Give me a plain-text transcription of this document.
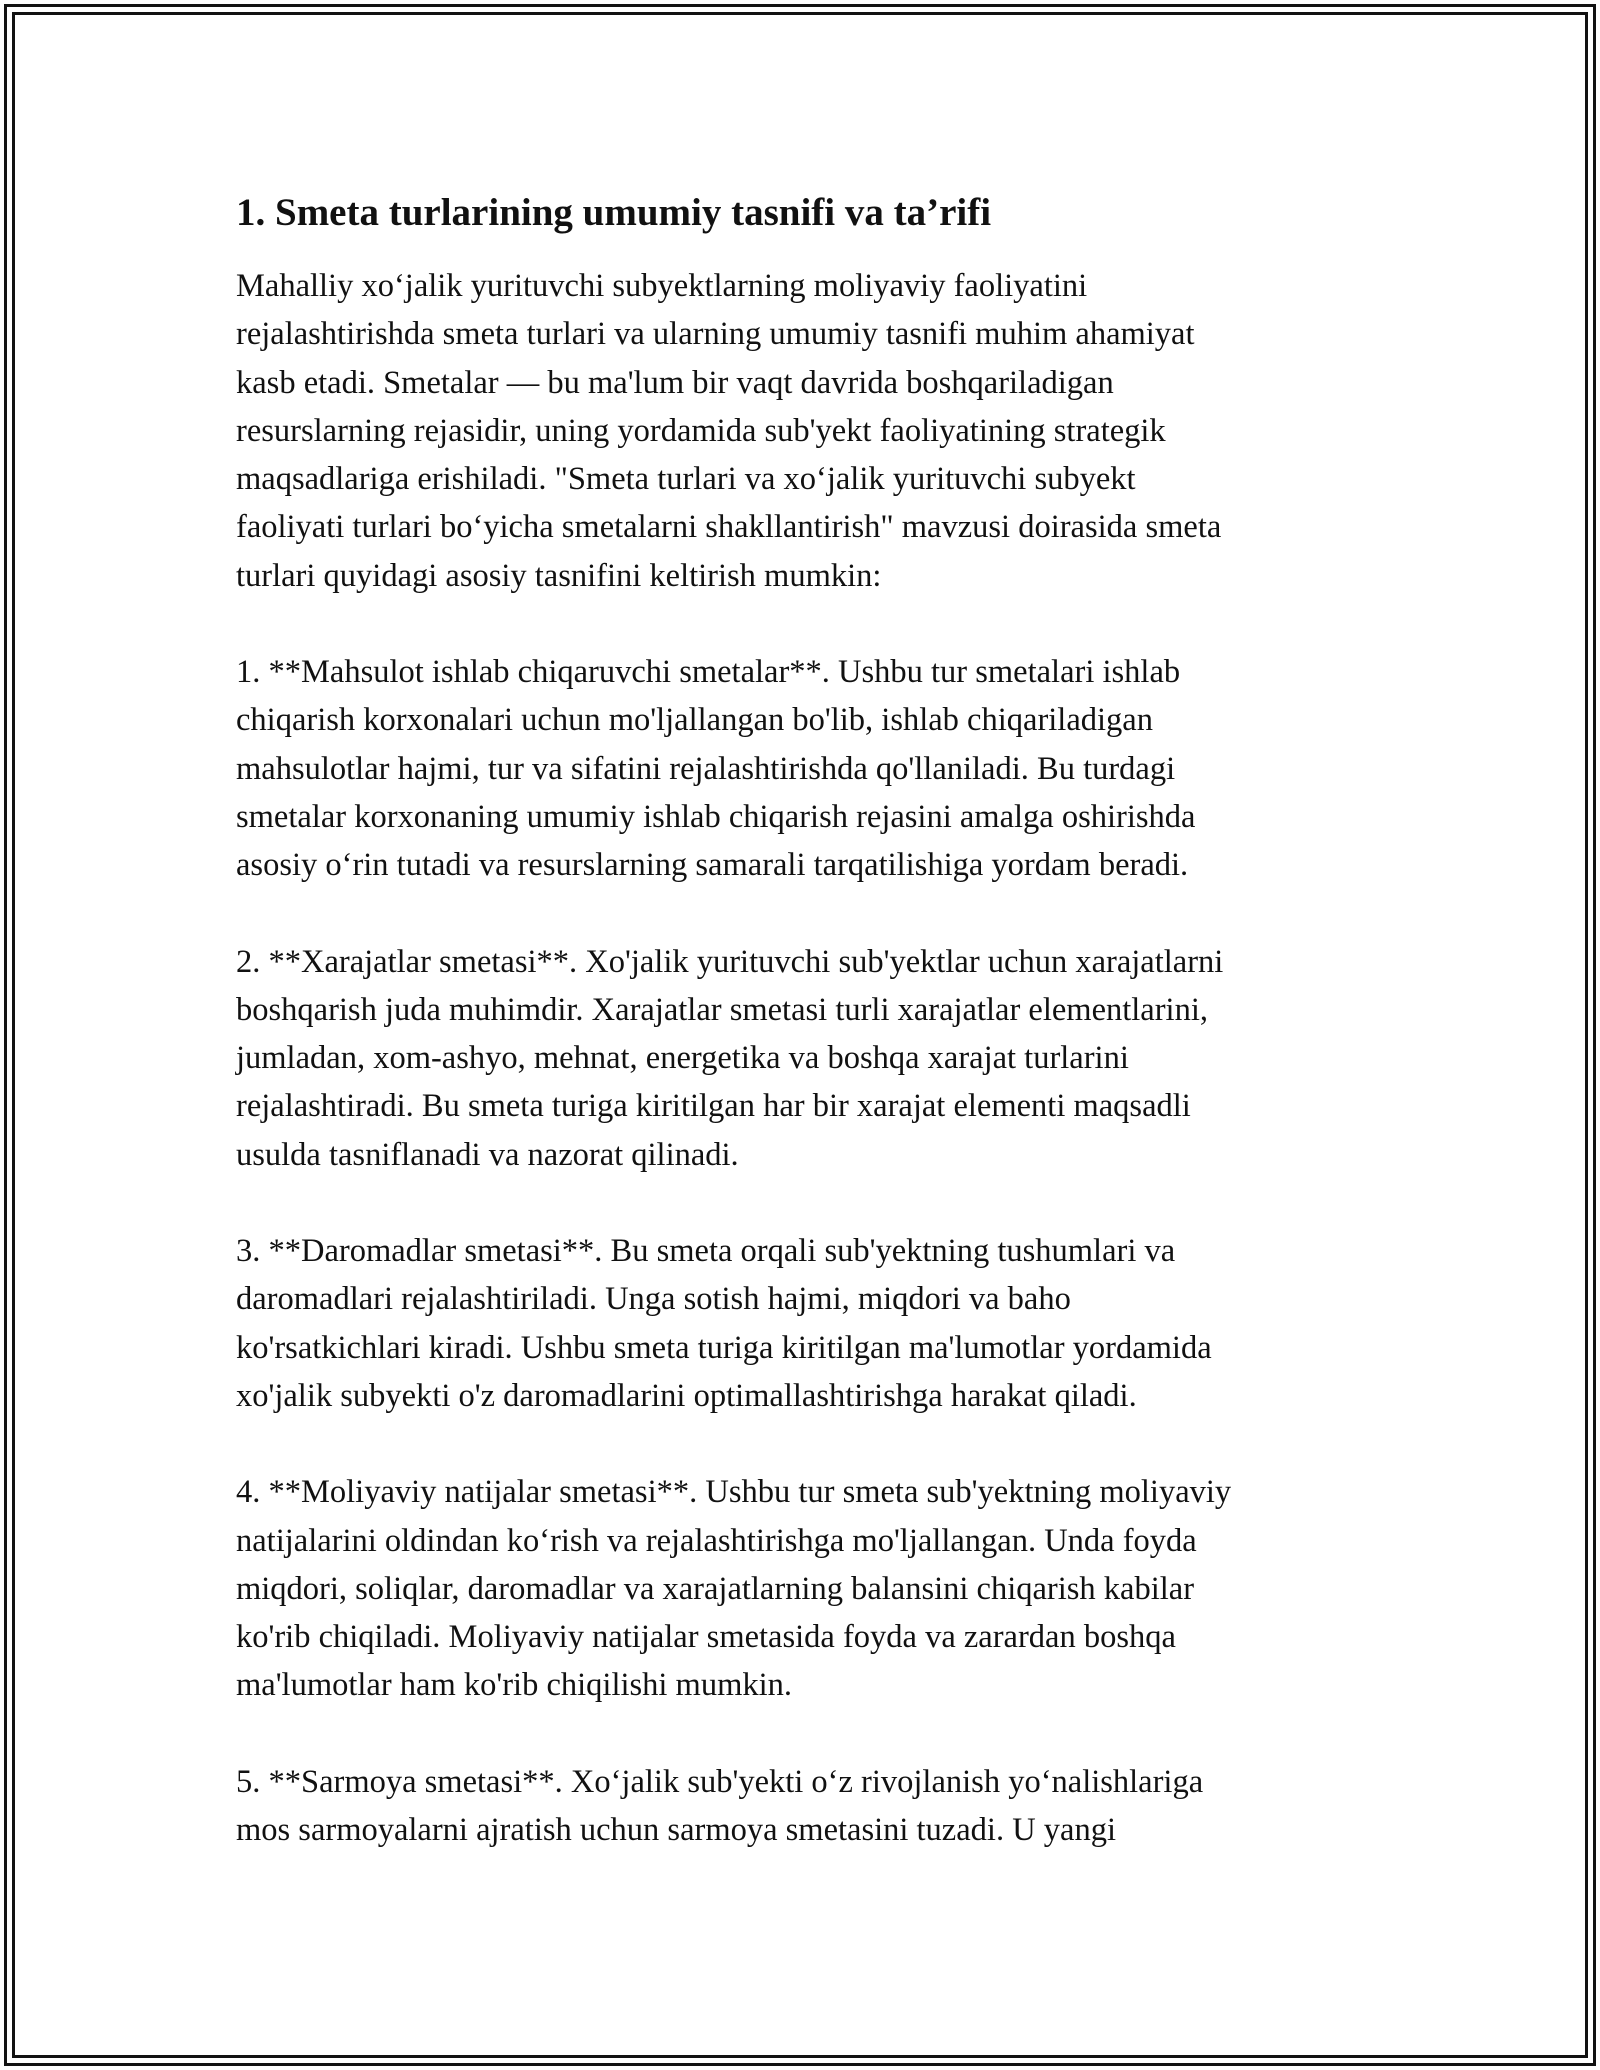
1. Smeta turlarining umumiy tasnifi va ta’rifi

Mahalliy xo‘jalik yurituvchi subyektlarning moliyaviy faoliyatini
rejalashtirishda smeta turlari va ularning umumiy tasnifi muhim ahamiyat
kasb etadi. Smetalar — bu ma'lum bir vaqt davrida boshqariladigan
resurslarning rejasidir, uning yordamida sub'yekt faoliyatining strategik
maqsadlariga erishiladi. "Smeta turlari va xo‘jalik yurituvchi subyekt
faoliyati turlari bo‘yicha smetalarni shakllantirish" mavzusi doirasida smeta
turlari quyidagi asosiy tasnifini keltirish mumkin:

1. **Mahsulot ishlab chiqaruvchi smetalar**. Ushbu tur smetalari ishlab
chiqarish korxonalari uchun mo'ljallangan bo'lib, ishlab chiqariladigan
mahsulotlar hajmi, tur va sifatini rejalashtirishda qo'llaniladi. Bu turdagi
smetalar korxonaning umumiy ishlab chiqarish rejasini amalga oshirishda
asosiy o‘rin tutadi va resurslarning samarali tarqatilishiga yordam beradi.

2. **Xarajatlar smetasi**. Xo'jalik yurituvchi sub'yektlar uchun xarajatlarni
boshqarish juda muhimdir. Xarajatlar smetasi turli xarajatlar elementlarini,
jumladan, xom-ashyo, mehnat, energetika va boshqa xarajat turlarini
rejalashtiradi. Bu smeta turiga kiritilgan har bir xarajat elementi maqsadli
usulda tasniflanadi va nazorat qilinadi.

3. **Daromadlar smetasi**. Bu smeta orqali sub'yektning tushumlari va
daromadlari rejalashtiriladi. Unga sotish hajmi, miqdori va baho
ko'rsatkichlari kiradi. Ushbu smeta turiga kiritilgan ma'lumotlar yordamida
xo'jalik subyekti o'z daromadlarini optimallashtirishga harakat qiladi.

4. **Moliyaviy natijalar smetasi**. Ushbu tur smeta sub'yektning moliyaviy
natijalarini oldindan ko‘rish va rejalashtirishga mo'ljallangan. Unda foyda
miqdori, soliqlar, daromadlar va xarajatlarning balansini chiqarish kabilar
ko'rib chiqiladi. Moliyaviy natijalar smetasida foyda va zarardan boshqa
ma'lumotlar ham ko'rib chiqilishi mumkin.

5. **Sarmoya smetasi**. Xo‘jalik sub'yekti o‘z rivojlanish yo‘nalishlariga
mos sarmoyalarni ajratish uchun sarmoya smetasini tuzadi. U yangi
